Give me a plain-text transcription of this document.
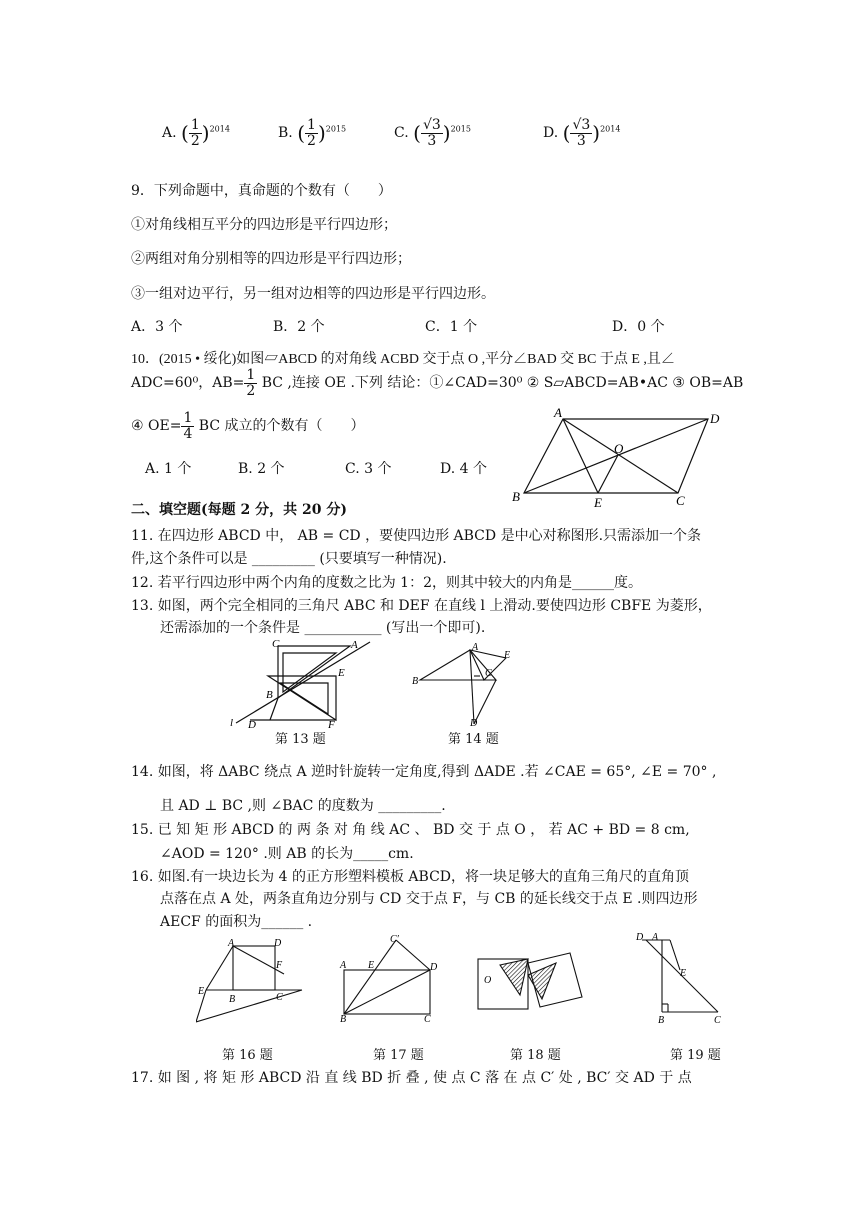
A. ( $\frac{1}{2} )^{2014}$	B. ( $\frac{1}{2} )^{2015}$	C. ( $\frac{√3}{3} )^{2015}$	D. ( $\frac{√3}{3} )^{2014}$
9．下列命题中，真命题的个数有（　　）
①对角线相互平分的四边形是平行四边形；
②两组对角分别相等的四边形是平行四边形；
③一组对边平行，另一组对边相等的四边形是平行四边形。
A．3 个	B．2 个	C．1 个	D．0 个
10．(2015 • 绥化)如图▱ABCD 的对角线 ACBD 交于点 O ,平分∠BAD 交 BC 于点 E ,且∠
ADC=60⁰，$AB= \frac{1}{2}$ BC ,连接 OE .下列 结论：①∠CAD=30⁰ ② S▱ABCD=AB•AC ③ OB=AB
④ $OE= \frac{1}{4}$ BC 成立的个数有（　　）
A. 1 个	B. 2 个	C. 3 个	D. 4 个
A	D
O
B	E	C
二、填空题(每题 2 分，共 20 分)
11. 在四边形 ABCD 中， AB = CD ，要使四边形 ABCD 是中心对称图形.只需添加一个条
件,这个条件可以是 _________ (只要填写一种情况).
12. 若平行四边形中两个内角的度数之比为 1：2，则其中较大的内角是______度。
13. 如图，两个完全相同的三角尺 ABC 和 DEF 在直线 l 上滑动.要使四边形 CBFE 为菱形，
还需添加的一个条件是 ___________ (写出一个即可).
C	A
E
B
l D	F
第 13 题
A
E
B
C
D
第 14 题
14. 如图，将 ΔABC 绕点 A 逆时针旋转一定角度,得到 ΔADE .若 ∠CAE = 65°, ∠E = 70° ,
且 AD ⊥ BC ,则 ∠BAC 的度数为 _________.
15. 已 知 矩 形 ABCD 的 两 条 对 角 线 AC 、 BD 交 于 点 O ， 若 AC + BD = 8 cm,
∠AOD = 120° .则 AB 的长为_____cm.
16. 如图.有一块边长为 4 的正方形塑料模板 ABCD，将一块足够大的直角三角尺的直角顶
点落在点 A 处，两条直角边分别与 CD 交于点 F，与 CB 的延长线交于点 E .则四边形
AECF 的面积为______ .
A	D
F
E
B	C
第 16 题
C′
A E	D
B	C
第 17 题
O
第 18 题
D A
E
B	C
第 19 题
17. 如 图 , 将 矩 形 ABCD 沿 直 线 BD 折 叠 , 使 点 C 落 在 点 C′ 处 , BC′ 交 AD 于 点
